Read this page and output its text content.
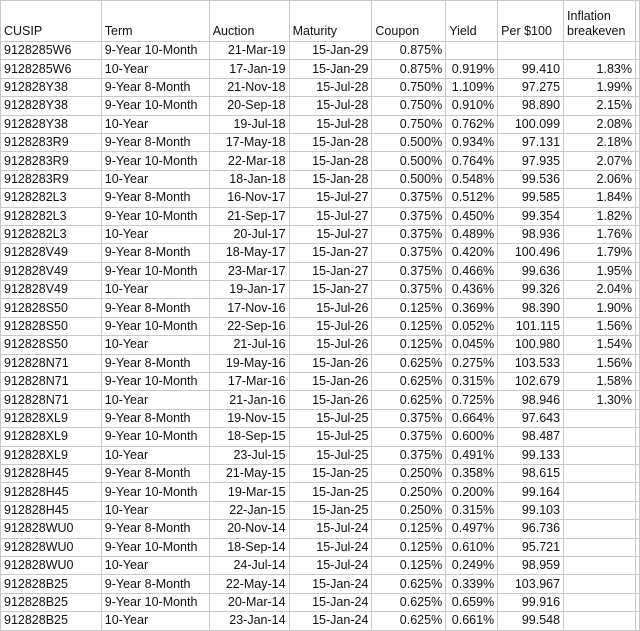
CUSIP	Term	Auction	Maturity	Coupon	Yield	Per $100	Inflation breakeven	
9128285W6	9-Year 10-Month	21-Mar-19	15-Jan-29	0.875%				
9128285W6	10-Year	17-Jan-19	15-Jan-29	0.875%	0.919%	99.410	1.83%	
912828Y38	9-Year 8-Month	21-Nov-18	15-Jul-28	0.750%	1.109%	97.275	1.99%	
912828Y38	9-Year 10-Month	20-Sep-18	15-Jul-28	0.750%	0.910%	98.890	2.15%	
912828Y38	10-Year	19-Jul-18	15-Jul-28	0.750%	0.762%	100.099	2.08%	
9128283R9	9-Year 8-Month	17-May-18	15-Jan-28	0.500%	0.934%	97.131	2.18%	
9128283R9	9-Year 10-Month	22-Mar-18	15-Jan-28	0.500%	0.764%	97.935	2.07%	
9128283R9	10-Year	18-Jan-18	15-Jan-28	0.500%	0.548%	99.536	2.06%	
9128282L3	9-Year 8-Month	16-Nov-17	15-Jul-27	0.375%	0.512%	99.585	1.84%	
9128282L3	9-Year 10-Month	21-Sep-17	15-Jul-27	0.375%	0.450%	99.354	1.82%	
9128282L3	10-Year	20-Jul-17	15-Jul-27	0.375%	0.489%	98.936	1.76%	
912828V49	9-Year 8-Month	18-May-17	15-Jan-27	0.375%	0.420%	100.496	1.79%	
912828V49	9-Year 10-Month	23-Mar-17	15-Jan-27	0.375%	0.466%	99.636	1.95%	
912828V49	10-Year	19-Jan-17	15-Jan-27	0.375%	0.436%	99.326	2.04%	
912828S50	9-Year 8-Month	17-Nov-16	15-Jul-26	0.125%	0.369%	98.390	1.90%	
912828S50	9-Year 10-Month	22-Sep-16	15-Jul-26	0.125%	0.052%	101.115	1.56%	
912828S50	10-Year	21-Jul-16	15-Jul-26	0.125%	0.045%	100.980	1.54%	
912828N71	9-Year 8-Month	19-May-16	15-Jan-26	0.625%	0.275%	103.533	1.56%	
912828N71	9-Year 10-Month	17-Mar-16	15-Jan-26	0.625%	0.315%	102.679	1.58%	
912828N71	10-Year	21-Jan-16	15-Jan-26	0.625%	0.725%	98.946	1.30%	
912828XL9	9-Year 8-Month	19-Nov-15	15-Jul-25	0.375%	0.664%	97.643		
912828XL9	9-Year 10-Month	18-Sep-15	15-Jul-25	0.375%	0.600%	98.487		
912828XL9	10-Year	23-Jul-15	15-Jul-25	0.375%	0.491%	99.133		
912828H45	9-Year 8-Month	21-May-15	15-Jan-25	0.250%	0.358%	98.615		
912828H45	9-Year 10-Month	19-Mar-15	15-Jan-25	0.250%	0.200%	99.164		
912828H45	10-Year	22-Jan-15	15-Jan-25	0.250%	0.315%	99.103		
912828WU0	9-Year 8-Month	20-Nov-14	15-Jul-24	0.125%	0.497%	96.736		
912828WU0	9-Year 10-Month	18-Sep-14	15-Jul-24	0.125%	0.610%	95.721		
912828WU0	10-Year	24-Jul-14	15-Jul-24	0.125%	0.249%	98.959		
912828B25	9-Year 8-Month	22-May-14	15-Jan-24	0.625%	0.339%	103.967		
912828B25	9-Year 10-Month	20-Mar-14	15-Jan-24	0.625%	0.659%	99.916		
912828B25	10-Year	23-Jan-14	15-Jan-24	0.625%	0.661%	99.548		
